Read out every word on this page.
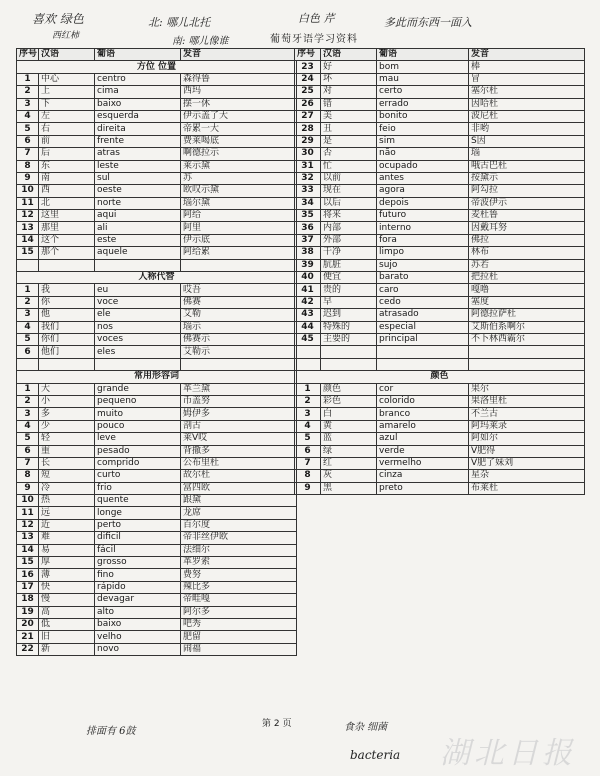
喜欢 绿色
西红柿
北: 哪儿北托
南: 哪儿像谁
白色 芹	多此而东西一面入
葡萄牙语学习资料
序号	汉语	葡语	发音
方位 位置			
1	中心	centro	森得鲁
2	上	cima	西玛
3	下	baixo	摆一休
4	左	esquerda	伊示盖了大
5	右	direita	帝累一大
6	前	frente	费莱喝底
7	后	atras	啊德拉示
8	东	leste	莱示黛
9	南	sul	苏
10	西	oeste	欧叹示黛
11	北	norte	瑙尔黛
12	这里	aqui	阿给
13	那里	ali	阿里
14	这个	este	伊示底
15	那个	aquele	阿给累

人称代替			
1	我	eu	哎吾
2	你	voce	佛赛
3	他	ele	艾勒
4	我们	nos	瑙示
5	你们	voces	佛赛示
6	他们	eles	艾勒示

常用形容词			
1	大	grande	革兰黛
2	小	pequeno	币盖努
3	多	muito	姆伊多
4	少	pouco	剖古
5	轻	leve	莱V哎
6	重	pesado	背撒多
7	长	comprido	公布里杜
8	短	curto	故尔杜
9	冷	frio	富四欧
10	热	quente	跟黛
11	远	longe	龙席
12	近	perto	百尔度
13	难	dificil	帝非丝伊欧
14	易	fácil	法细尔
15	厚	grosso	革罗索
16	薄	fino	费努
17	快	rápido	辣比多
18	慢	devagar	帝畦嘎
19	高	alto	阿尔多
20	低	baixo	吧秀
21	旧	velho	肥留
22	新	novo	闹福
序号	汉语	葡语	发音
23	好	bom	棒
24	坏	mau	冒
25	对	certo	塞尔杜
26	错	errado	因哈杜
27	美	bonito	波尼杜
28	丑	feio	非哟
29	是	sim	S因
30	否	não	瑙
31	忙	ocupado	哦古巴杜
32	以前	antes	按黛示
33	现在	agora	阿勾拉
34	以后	depois	帝波伊示
35	将来	futuro	麦杜鲁
36	内部	interno	因戴耳努
37	外部	fora	佛拉
38	干净	limpo	林布
39	肮脏	sujo	苏若
40	便宜	barato	把拉杜
41	贵的	caro	嘎噜
42	早	cedo	塞度
43	迟到	atrasado	阿德拉萨杜
44	特殊的	especial	艾斯伯系啊尔
45	主要的	principal	不卜林西霸尔

颜色			
1	颜色	cor	果尔
2	彩色	colorido	果洛里杜
3	白	branco	不兰古
4	黄	amarelo	阿玛莱录
5	蓝	azul	阿如尔
6	绿	verde	V肥得
7	红	vermelho	V肥了妹刘
8	灰	cinza	星杂
9	黑	preto	布莱杜
第 2 页
排面有 6鼓
bacteria
食杂 细菌
湖北日报
